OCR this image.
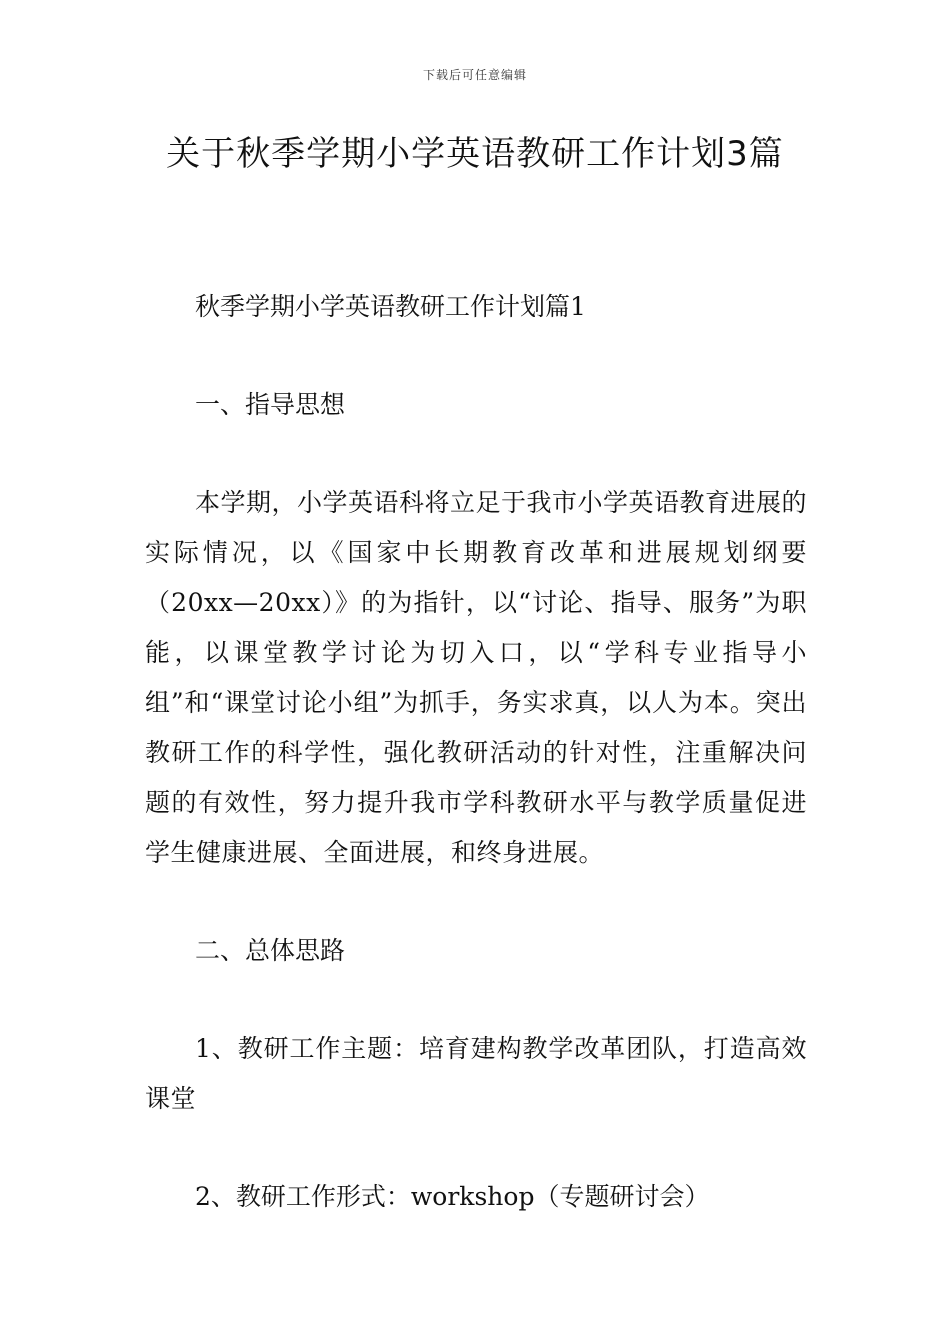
下载后可任意编辑
关于秋季学期小学英语教研工作计划3篇

秋季学期小学英语教研工作计划篇1

一、指导思想

本学期，小学英语科将立足于我市小学英语教育进展的实际情况，以《国家中长期教育改革和进展规划纲要（20xx—20xx）》的为指针，以“讨论、指导、服务”为职能，以课堂教学讨论为切入口，以“学科专业指导小组”和“课堂讨论小组”为抓手，务实求真，以人为本。突出教研工作的科学性，强化教研活动的针对性，注重解决问题的有效性，努力提升我市学科教研水平与教学质量促进学生健康进展、全面进展，和终身进展。

二、总体思路

1、教研工作主题：培育建构教学改革团队，打造高效课堂

2、教研工作形式：workshop（专题研讨会）
